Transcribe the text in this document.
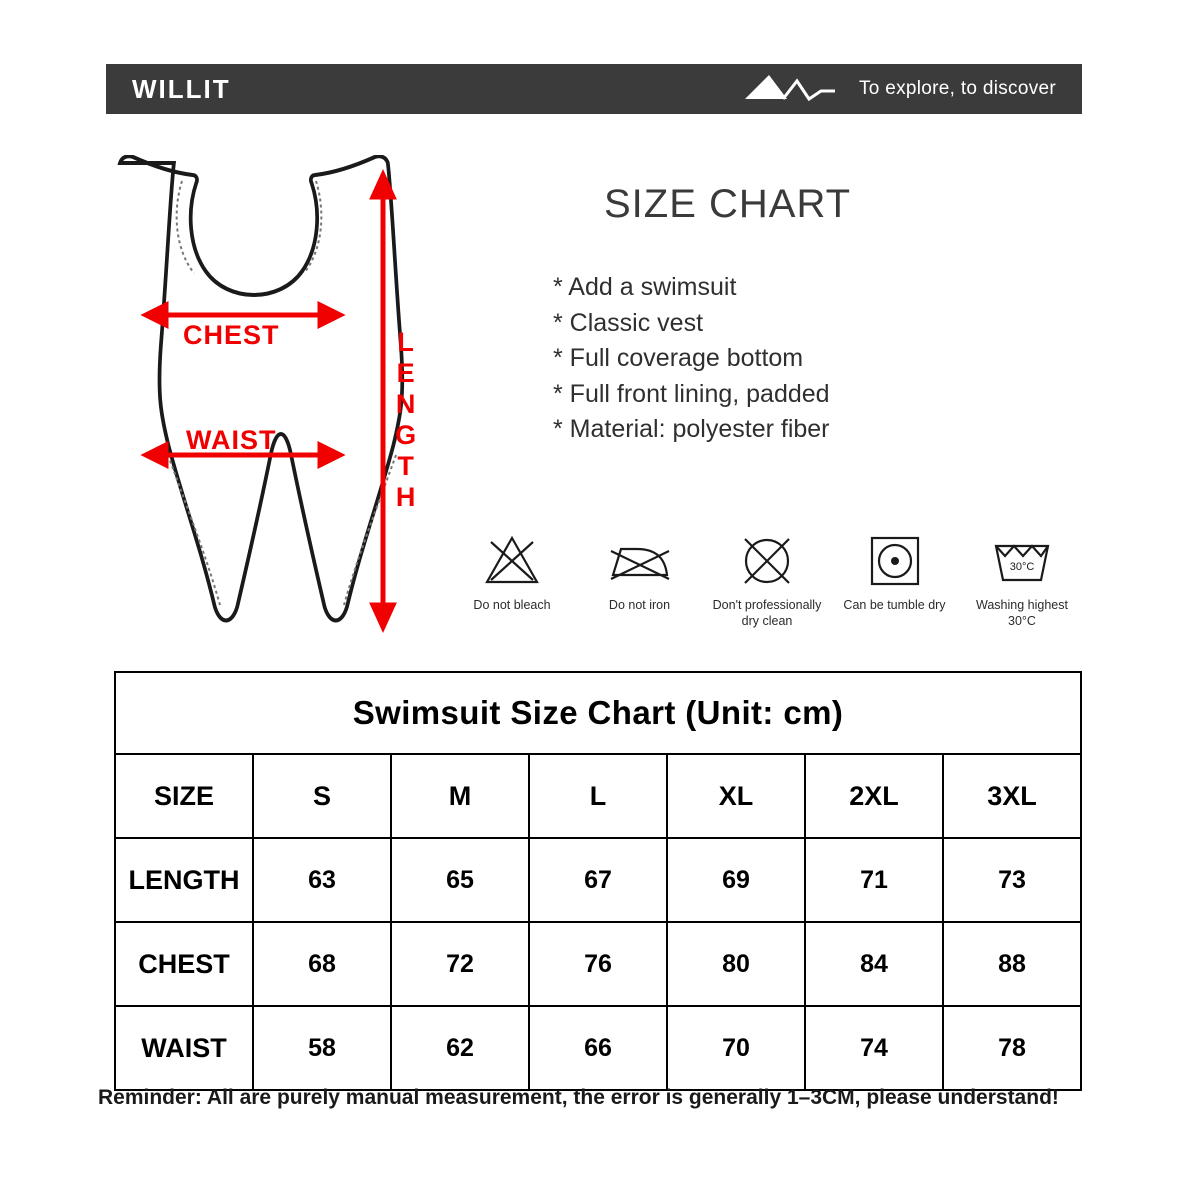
WILLIT	To explore, to discover
CHEST
WAIST	LENGTH
SIZE CHART
* Add a swimsuit
* Classic vest
* Full coverage bottom
* Full front lining, padded
* Material: polyester fiber
Do not bleach	Do not iron	Don't professionally dry clean
Can be tumble dry
30°C
Washing highest 30°C
Swimsuit Size Chart (Unit: cm)						
SIZE	S	M	L	XL	2XL	3XL
LENGTH	63	65	67	69	71	73
CHEST	68	72	76	80	84	88
WAIST	58	62	66	70	74	78
Reminder: All are purely manual measurement, the error is generally 1–3CM, please understand!
